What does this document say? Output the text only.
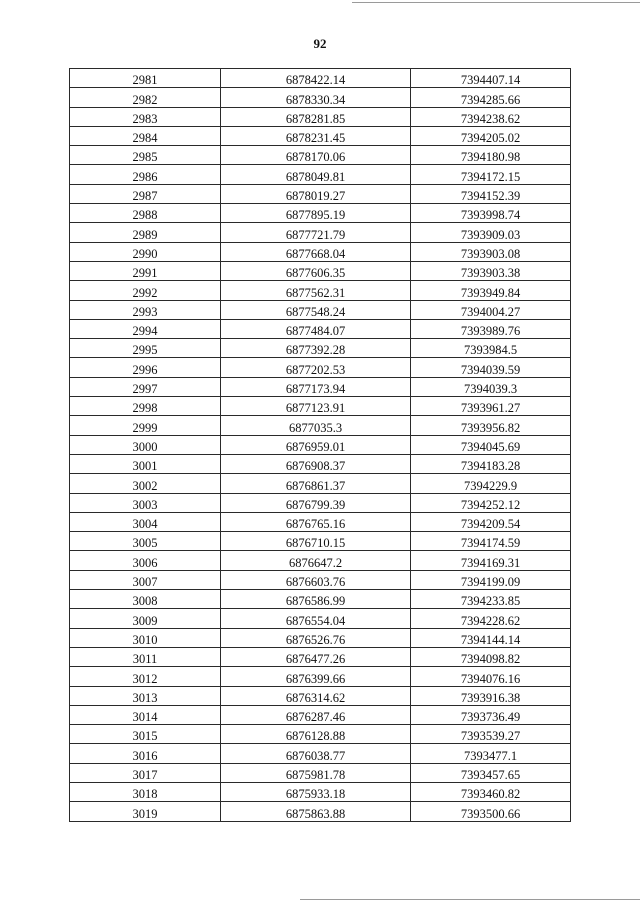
92
2981	6878422.14	7394407.14
2982	6878330.34	7394285.66
2983	6878281.85	7394238.62
2984	6878231.45	7394205.02
2985	6878170.06	7394180.98
2986	6878049.81	7394172.15
2987	6878019.27	7394152.39
2988	6877895.19	7393998.74
2989	6877721.79	7393909.03
2990	6877668.04	7393903.08
2991	6877606.35	7393903.38
2992	6877562.31	7393949.84
2993	6877548.24	7394004.27
2994	6877484.07	7393989.76
2995	6877392.28	7393984.5
2996	6877202.53	7394039.59
2997	6877173.94	7394039.3
2998	6877123.91	7393961.27
2999	6877035.3	7393956.82
3000	6876959.01	7394045.69
3001	6876908.37	7394183.28
3002	6876861.37	7394229.9
3003	6876799.39	7394252.12
3004	6876765.16	7394209.54
3005	6876710.15	7394174.59
3006	6876647.2	7394169.31
3007	6876603.76	7394199.09
3008	6876586.99	7394233.85
3009	6876554.04	7394228.62
3010	6876526.76	7394144.14
3011	6876477.26	7394098.82
3012	6876399.66	7394076.16
3013	6876314.62	7393916.38
3014	6876287.46	7393736.49
3015	6876128.88	7393539.27
3016	6876038.77	7393477.1
3017	6875981.78	7393457.65
3018	6875933.18	7393460.82
3019	6875863.88	7393500.66
